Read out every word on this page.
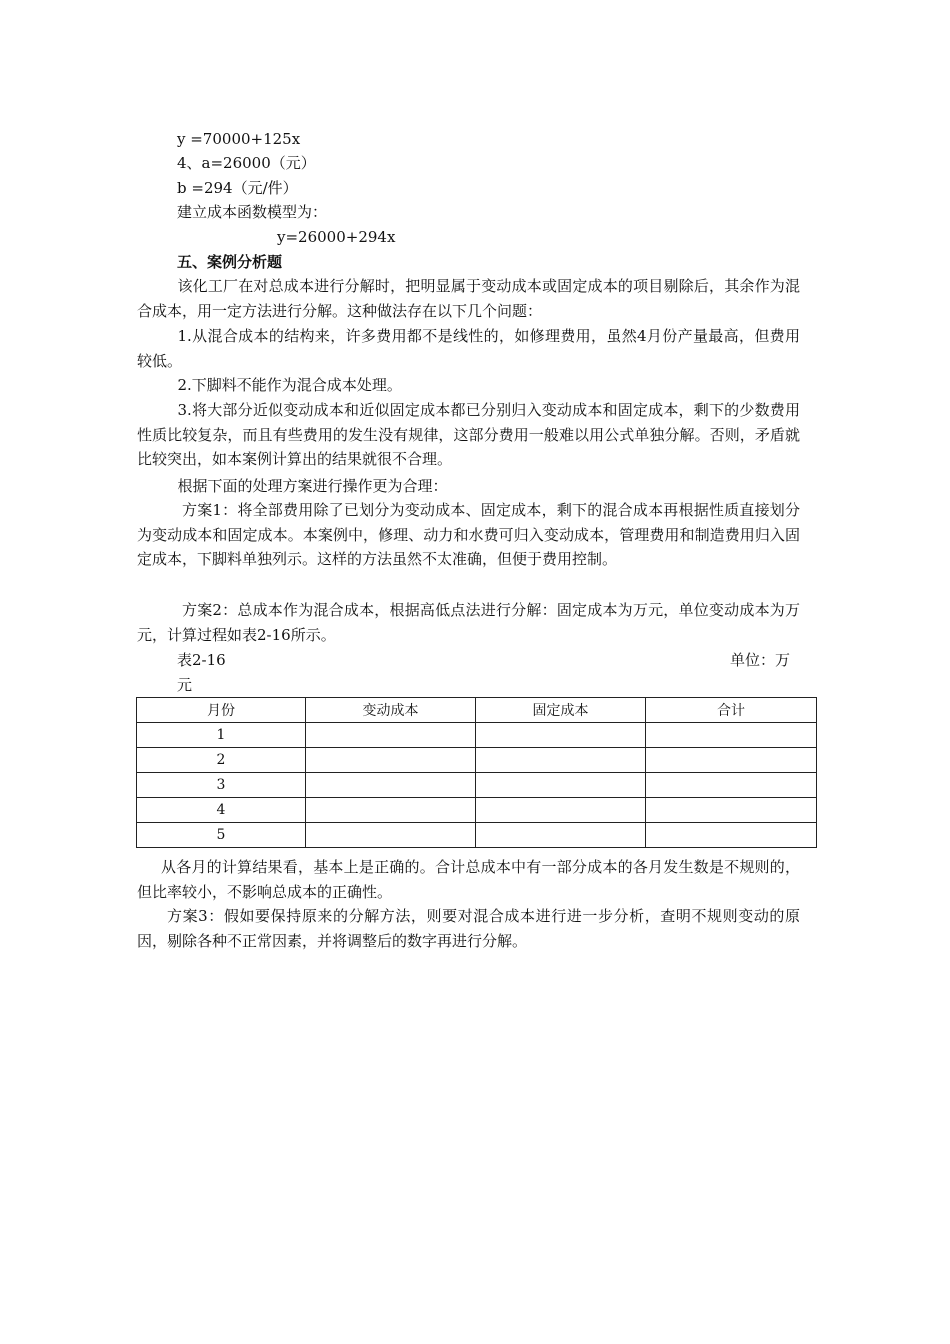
y =70000+125x
4、a=26000（元）
b =294（元/件）
建立成本函数模型为：
y=26000+294x
五、案例分析题
该化工厂在对总成本进行分解时，把明显属于变动成本或固定成本的项目剔除后，其余作为混合成本，用一定方法进行分解。这种做法存在以下几个问题：
1.从混合成本的结构来，许多费用都不是线性的，如修理费用，虽然4月份产量最高，但费用较低。
2.下脚料不能作为混合成本处理。
3.将大部分近似变动成本和近似固定成本都已分别归入变动成本和固定成本，剩下的少数费用性质比较复杂，而且有些费用的发生没有规律，这部分费用一般难以用公式单独分解。否则，矛盾就比较突出，如本案例计算出的结果就很不合理。
根据下面的处理方案进行操作更为合理：
方案1：将全部费用除了已划分为变动成本、固定成本，剩下的混合成本再根据性质直接划分为变动成本和固定成本。本案例中，修理、动力和水费可归入变动成本，管理费用和制造费用归入固定成本，下脚料单独列示。这样的方法虽然不太准确，但便于费用控制。
方案2：总成本作为混合成本，根据高低点法进行分解：固定成本为万元，单位变动成本为万元，计算过程如表2-16所示。
表2-16	单位：万
元
月份	变动成本	固定成本	合计
1			
2			
3			
4			
5			
从各月的计算结果看，基本上是正确的。合计总成本中有一部分成本的各月发生数是不规则的，但比率较小，不影响总成本的正确性。
方案3：假如要保持原来的分解方法，则要对混合成本进行进一步分析，查明不规则变动的原因，剔除各种不正常因素，并将调整后的数字再进行分解。
